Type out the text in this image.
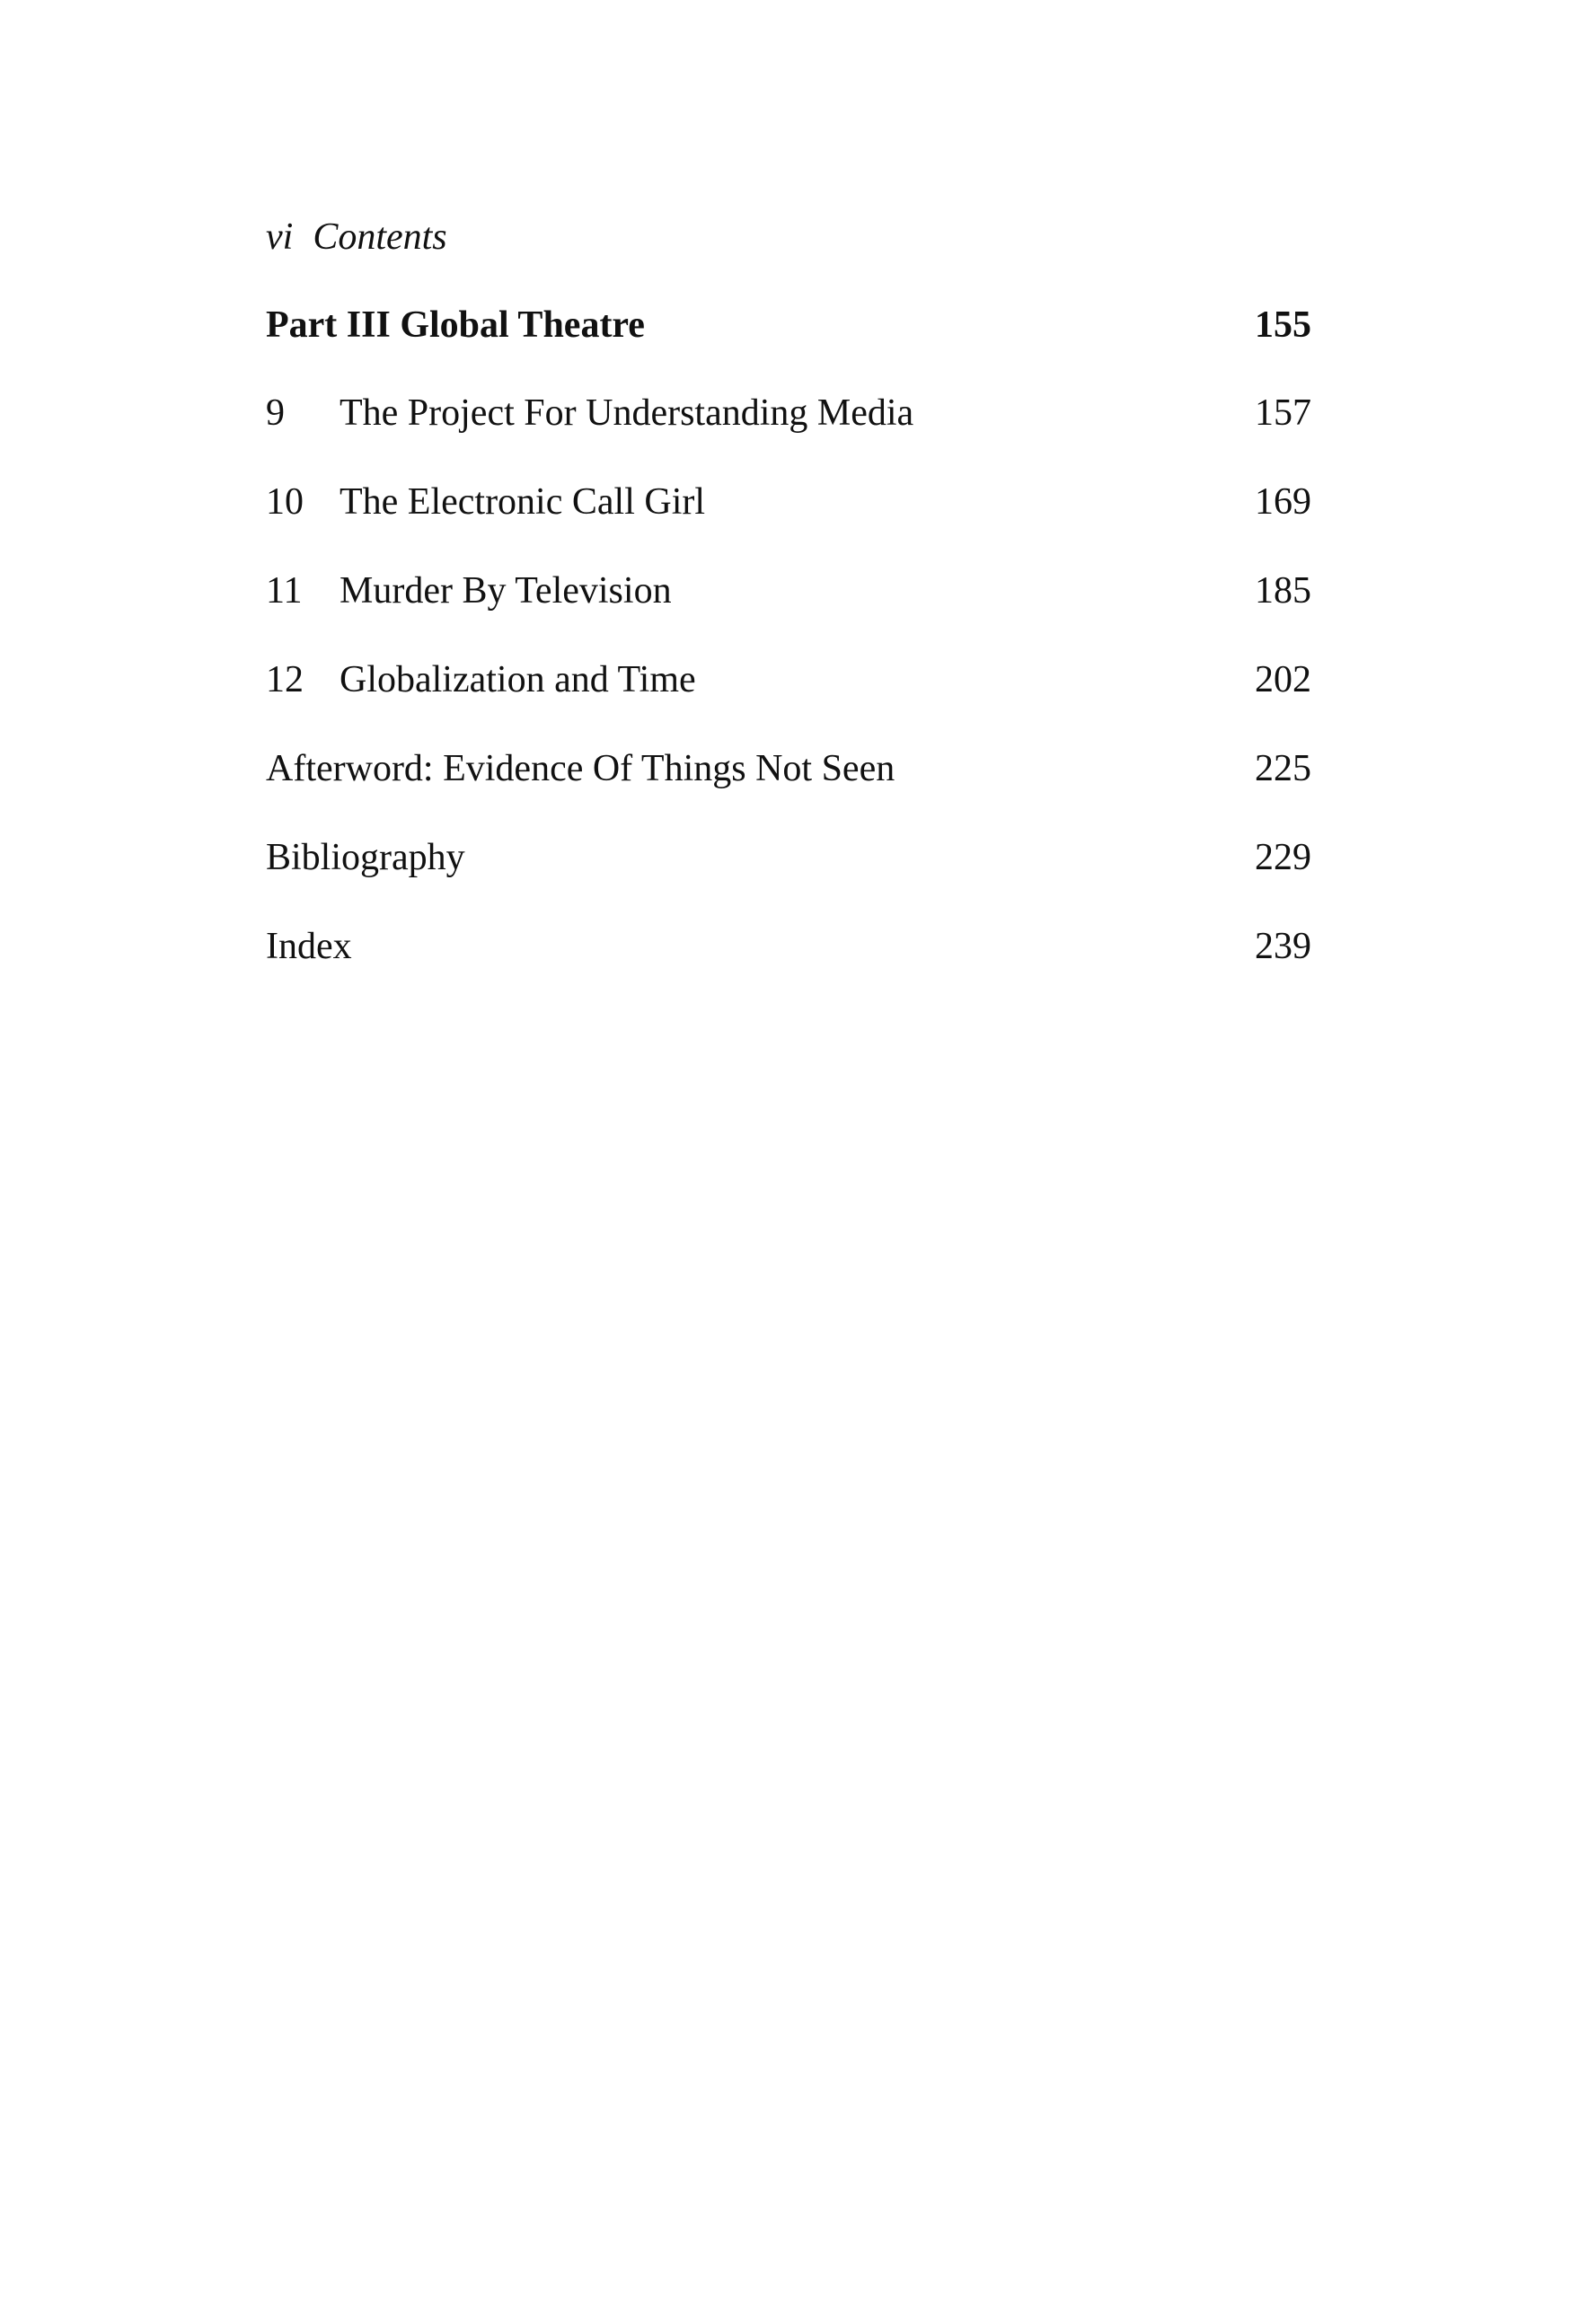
vi Contents
Part III Global Theatre	155
9 The Project For Understanding Media	157
10 The Electronic Call Girl	169
11 Murder By Television	185
12 Globalization and Time	202
Afterword: Evidence Of Things Not Seen	225
Bibliography	229
Index	239
